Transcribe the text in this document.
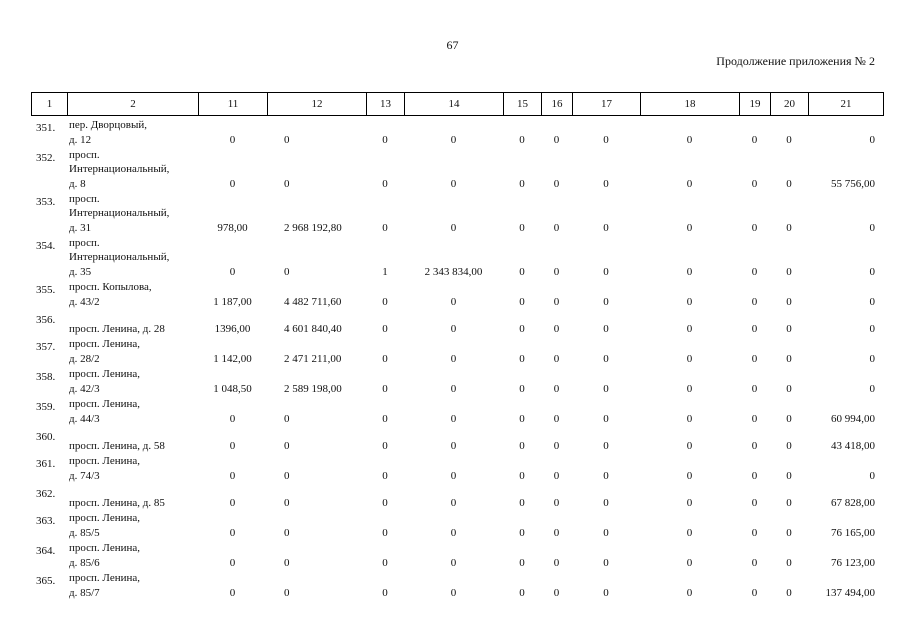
67
Продолжение приложения № 2
1	2	11	12	13	14	15	16	17	18	19	20	21
351.	пер. Дворцовый,
д. 12	0	0	0	0	0	0	0	0	0	0	0
352.	просп.
Интернациональный,
д. 8	0	0	0	0	0	0	0	0	0	0	55 756,00
353.	просп.
Интернациональный,
д. 31	978,00	2 968 192,80	0	0	0	0	0	0	0	0	0
354.	просп.
Интернациональный,
д. 35	0	0	1	2 343 834,00	0	0	0	0	0	0	0
355.	просп. Копылова,
д. 43/2	1 187,00	4 482 711,60	0	0	0	0	0	0	0	0	0
356.	просп. Ленина, д. 28	1396,00	4 601 840,40	0	0	0	0	0	0	0	0	0
357.	просп. Ленина,
д. 28/2	1 142,00	2 471 211,00	0	0	0	0	0	0	0	0	0
358.	просп. Ленина,
д. 42/3	1 048,50	2 589 198,00	0	0	0	0	0	0	0	0	0
359.	просп. Ленина,
д. 44/3	0	0	0	0	0	0	0	0	0	0	60 994,00
360.	просп. Ленина, д. 58	0	0	0	0	0	0	0	0	0	0	43 418,00
361.	просп. Ленина,
д. 74/3	0	0	0	0	0	0	0	0	0	0	0
362.	просп. Ленина, д. 85	0	0	0	0	0	0	0	0	0	0	67 828,00
363.	просп. Ленина,
д. 85/5	0	0	0	0	0	0	0	0	0	0	76 165,00
364.	просп. Ленина,
д. 85/6	0	0	0	0	0	0	0	0	0	0	76 123,00
365.	просп. Ленина,
д. 85/7	0	0	0	0	0	0	0	0	0	0	137 494,00
